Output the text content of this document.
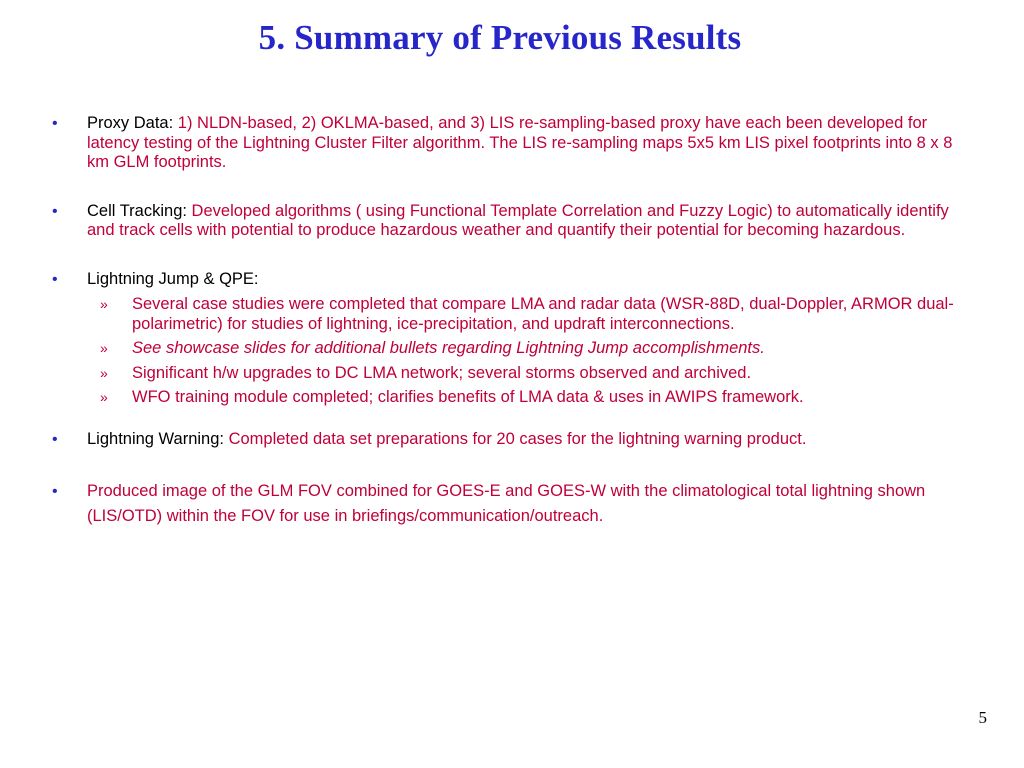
5. Summary of Previous Results
•	Proxy Data: 1) NLDN-based, 2) OKLMA-based, and 3) LIS re-sampling-based proxy have each been developed for latency testing of the Lightning Cluster Filter algorithm. The LIS re-sampling maps 5x5 km LIS pixel footprints into 8 x 8 km GLM footprints.
•	Cell Tracking: Developed algorithms ( using Functional Template Correlation and Fuzzy Logic) to automatically identify and track cells with potential to produce hazardous weather and quantify their potential for becoming hazardous.
•	Lightning Jump & QPE:
» Several case studies were completed that compare LMA and radar data (WSR-88D, dual-Doppler, ARMOR dual-polarimetric) for studies of lightning, ice-precipitation, and updraft interconnections.
» See showcase slides for additional bullets regarding Lightning Jump accomplishments.
» Significant h/w upgrades to DC LMA network; several storms observed and archived.
» WFO training module completed; clarifies benefits of LMA data & uses in AWIPS framework.
•	Lightning Warning: Completed data set preparations for 20 cases for the lightning warning product.
•	Produced image of the GLM FOV combined for GOES-E and GOES-W with the climatological total lightning shown (LIS/OTD) within the FOV for use in briefings/communication/outreach.
5
